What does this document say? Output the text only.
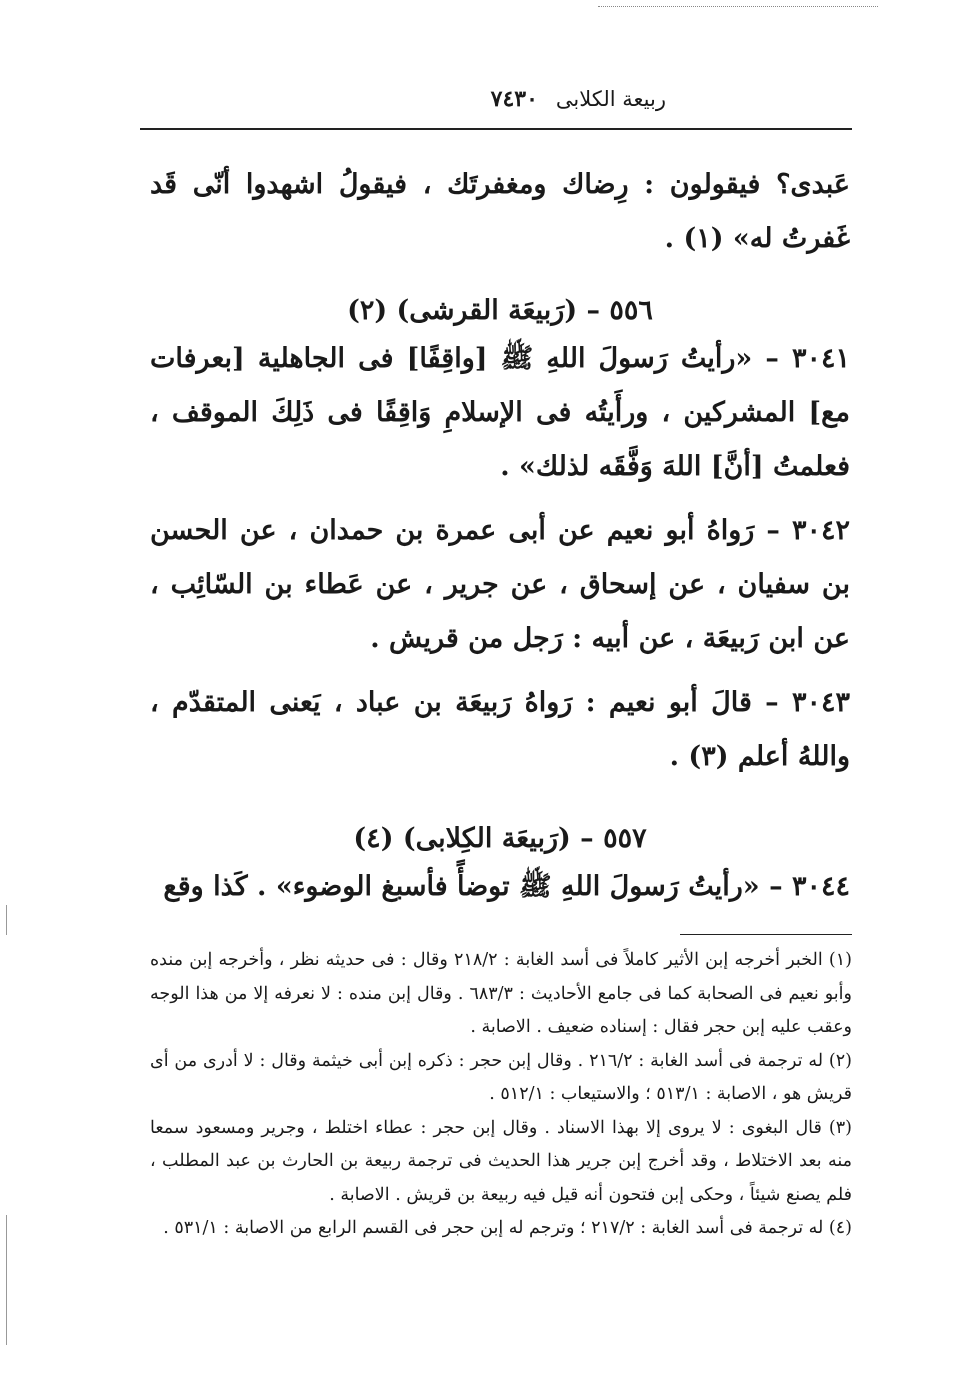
ربيعة الكلابى
٧٤٣٠

عَبدى؟ فيقولون : رِضاك ومغفرتَك ، فيقولُ اشهدوا أنّى قَد غَفرتُ له» (١) .

٥٥٦ – (رَبيعَة القرشى) (٢)

٣٠٤١ – «رأيتُ رَسولَ اللهِ ﷺ [واقِفًا] فى الجاهلية [بعرفات مع] المشركين ، ورأَيتُه فى الإسلامِ وَاقِفًا فى ذَلِكَ الموقف ، فعلمتُ [أنَّ] اللهَ وَفَّقَه لذلك» .

٣٠٤٢ – رَواهُ أبو نعيم عن أبى عمرة بن حمدان ، عن الحسن بن سفيان ، عن إسحاق ، عن جرير ، عن عَطاء بن السّائِب ، عن ابن رَبيعَة ، عن أبيه : رَجل من قريش .

٣٠٤٣ – قالَ أبو نعيم : رَواهُ رَبيعَة بن عباد ، يَعنى المتقدّم ، واللهُ أعلم (٣) .

٥٥٧ – (رَبيعَة الكِلابى) (٤)

٣٠٤٤ – «رأيتُ رَسولَ اللهِ ﷺ توضأً فأسبغ الوضوء» . كَذا وقع

(١) الخبر أخرجه إبن الأثير كاملاً فى أسد الغابة : ٢١٨/٢ وقال : فى حديثه نظر ، وأخرجه إبن منده وأبو نعيم فى الصحابة كما فى جامع الأحاديث : ٦٨٣/٣ . وقال إبن منده : لا نعرفه إلا من هذا الوجه وعقب عليه إبن حجر فقال : إسناده ضعيف . الاصابة .

(٢) له ترجمة فى أسد الغابة : ٢١٦/٢ . وقال إبن حجر : ذكره إبن أبى خيثمة وقال : لا أدرى من أى قريش هو ، الاصابة : ٥١٣/١ ؛ والاستيعاب : ٥١٢/١ .

(٣) قال البغوى : لا يروى إلا بهذا الاسناد . وقال إبن حجر : عطاء اختلط ، وجرير ومسعود سمعا منه بعد الاختلاط ، وقد أخرج إبن جرير هذا الحديث فى ترجمة ربيعة بن الحارث بن عبد المطلب ، فلم يصنع شيئاً ، وحكى إبن فتحون أنه قيل فيه ربيعة بن قريش . الاصابة .

(٤) له ترجمة فى أسد الغابة : ٢١٧/٢ ؛ وترجم له إبن حجر فى القسم الرابع من الاصابة : ٥٣١/١ .
